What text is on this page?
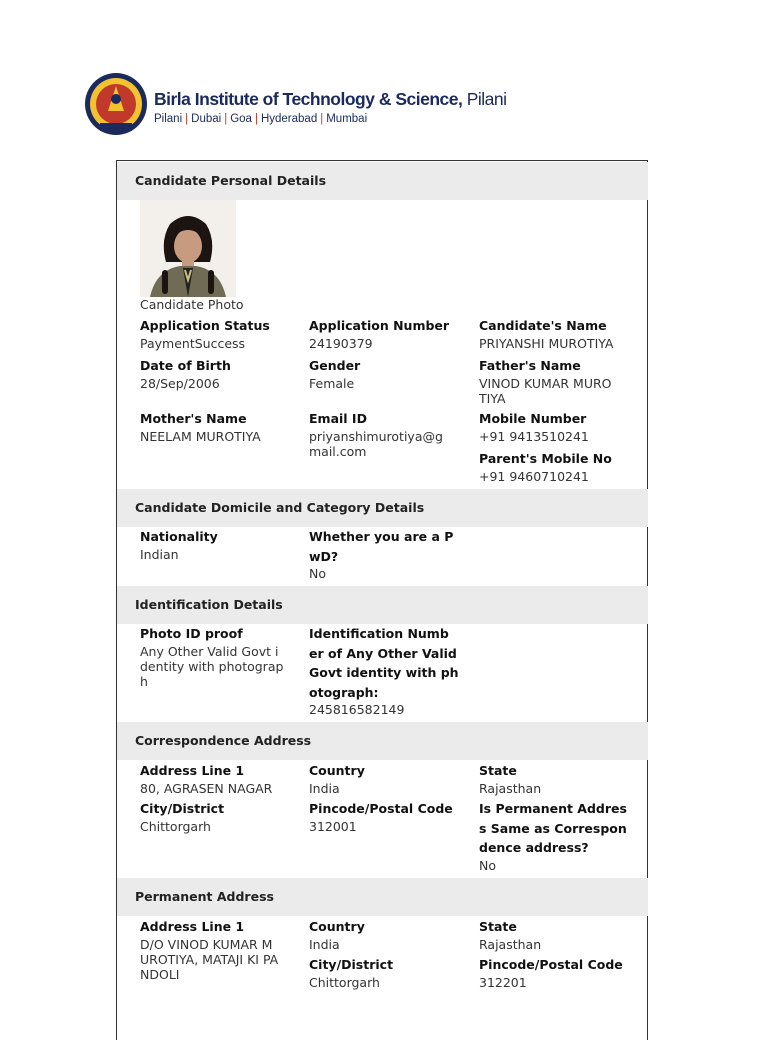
Birla Institute of Technology & Science, Pilani
Pilani | Dubai | Goa | Hyderabad | Mumbai
Candidate Personal Details
Candidate Photo
Application Status
PaymentSuccess
Application Number
24190379
Candidate's Name
PRIYANSHI MUROTIYA
Date of Birth
28/Sep/2006
Gender
Female
Father's Name
VINOD KUMAR MURO
TIYA
Mother's Name
NEELAM MUROTIYA
Email ID
priyanshimurotiya@g
mail.com
Mobile Number
+91 9413510241
Parent's Mobile No
+91 9460710241
Candidate Domicile and Category Details
Nationality
Indian
Whether you are a P
wD?
No
Identification Details
Photo ID proof
Any Other Valid Govt i
dentity with photograp
h
Identification Numb
er of Any Other Valid
Govt identity with ph
otograph:
245816582149
Correspondence Address
Address Line 1
80, AGRASEN NAGAR
Country
India
State
Rajasthan
City/District
Chittorgarh
Pincode/Postal Code
312001
Is Permanent Addres
s Same as Correspon
dence address?
No
Permanent Address
Address Line 1
D/O VINOD KUMAR M
UROTIYA, MATAJI KI PA
NDOLI
Country
India
State
Rajasthan
City/District
Chittorgarh
Pincode/Postal Code
312201
